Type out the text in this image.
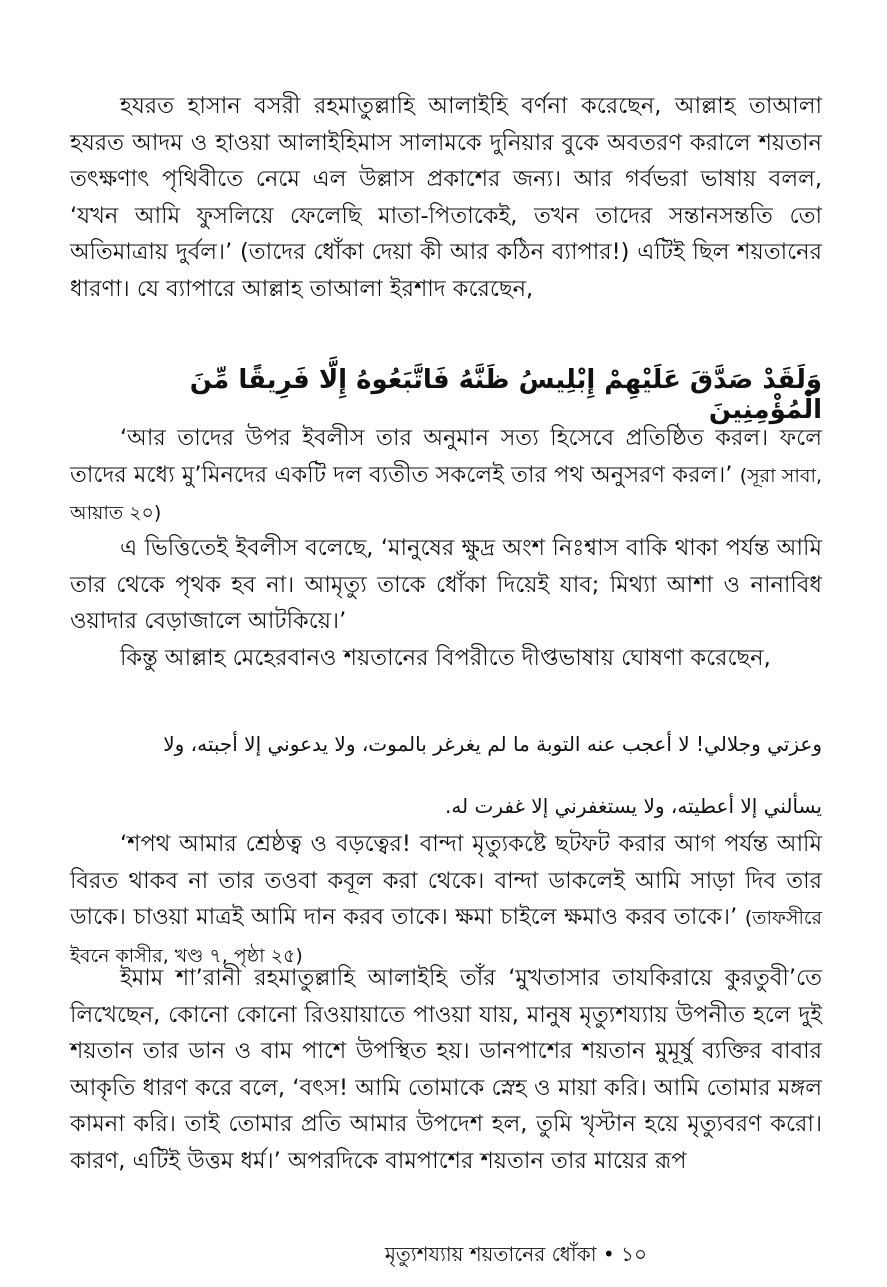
হযরত হাসান বসরী রহমাতুল্লাহি আলাইহি বর্ণনা করেছেন, আল্লাহ তাআলা হযরত আদম ও হাওয়া আলাইহিমাস সালামকে দুনিয়ার বুকে অবতরণ করালে শয়তান তৎক্ষণাৎ পৃথিবীতে নেমে এল উল্লাস প্রকাশের জন্য। আর গর্বভরা ভাষায় বলল, ‘যখন আমি ফুসলিয়ে ফেলেছি মাতা-পিতাকেই, তখন তাদের সন্তানসন্ততি তো অতিমাত্রায় দুর্বল।’ (তাদের ধোঁকা দেয়া কী আর কঠিন ব্যাপার!) এটিই ছিল শয়তানের ধারণা। যে ব্যাপারে আল্লাহ তাআলা ইরশাদ করেছেন,

وَلَقَدْ صَدَّقَ عَلَيْهِمْ إِبْلِيسُ ظَنَّهُ فَاتَّبَعُوهُ إِلَّا فَرِيقًا مِّنَ الْمُؤْمِنِينَ

‘আর তাদের উপর ইবলীস তার অনুমান সত্য হিসেবে প্রতিষ্ঠিত করল। ফলে তাদের মধ্যে মু’মিনদের একটি দল ব্যতীত সকলেই তার পথ অনুসরণ করল।’ (সূরা সাবা, আয়াত ২০)

এ ভিত্তিতেই ইবলীস বলেছে, ‘মানুষের ক্ষুদ্র অংশ নিঃশ্বাস বাকি থাকা পর্যন্ত আমি তার থেকে পৃথক হব না। আমৃত্যু তাকে ধোঁকা দিয়েই যাব; মিথ্যা আশা ও নানাবিধ ওয়াদার বেড়াজালে আটকিয়ে।’

কিন্তু আল্লাহ মেহেরবানও শয়তানের বিপরীতে দীপ্তভাষায় ঘোষণা করেছেন,

وعزتي وجلالي! لا أعجب عنه التوبة ما لم يغرغر بالموت، ولا يدعوني إلا أجبته، ولا

يسألني إلا أعطيته، ولا يستغفرني إلا غفرت له.

‘শপথ আমার শ্রেষ্ঠত্ব ও বড়ত্বের! বান্দা মৃত্যুকষ্টে ছটফট করার আগ পর্যন্ত আমি বিরত থাকব না তার তওবা কবূল করা থেকে। বান্দা ডাকলেই আমি সাড়া দিব তার ডাকে। চাওয়া মাত্রই আমি দান করব তাকে। ক্ষমা চাইলে ক্ষমাও করব তাকে।’ (তাফসীরে ইবনে কাসীর, খণ্ড ৭, পৃষ্ঠা ২৫)

ইমাম শা’রানী রহমাতুল্লাহি আলাইহি তাঁর ‘মুখতাসার তাযকিরায়ে কুরতুবী’তে লিখেছেন, কোনো কোনো রিওয়ায়াতে পাওয়া যায়, মানুষ মৃত্যুশয্যায় উপনীত হলে দুই শয়তান তার ডান ও বাম পাশে উপস্থিত হয়। ডানপাশের শয়তান মুমূর্ষু ব্যক্তির বাবার আকৃতি ধারণ করে বলে, ‘বৎস! আমি তোমাকে স্নেহ ও মায়া করি। আমি তোমার মঙ্গল কামনা করি। তাই তোমার প্রতি আমার উপদেশ হল, তুমি খৃস্টান হয়ে মৃত্যুবরণ করো। কারণ, এটিই উত্তম ধর্ম।’ অপরদিকে বামপাশের শয়তান তার মায়ের রূপ

মৃত্যুশয্যায় শয়তানের ধোঁকা • ১০
